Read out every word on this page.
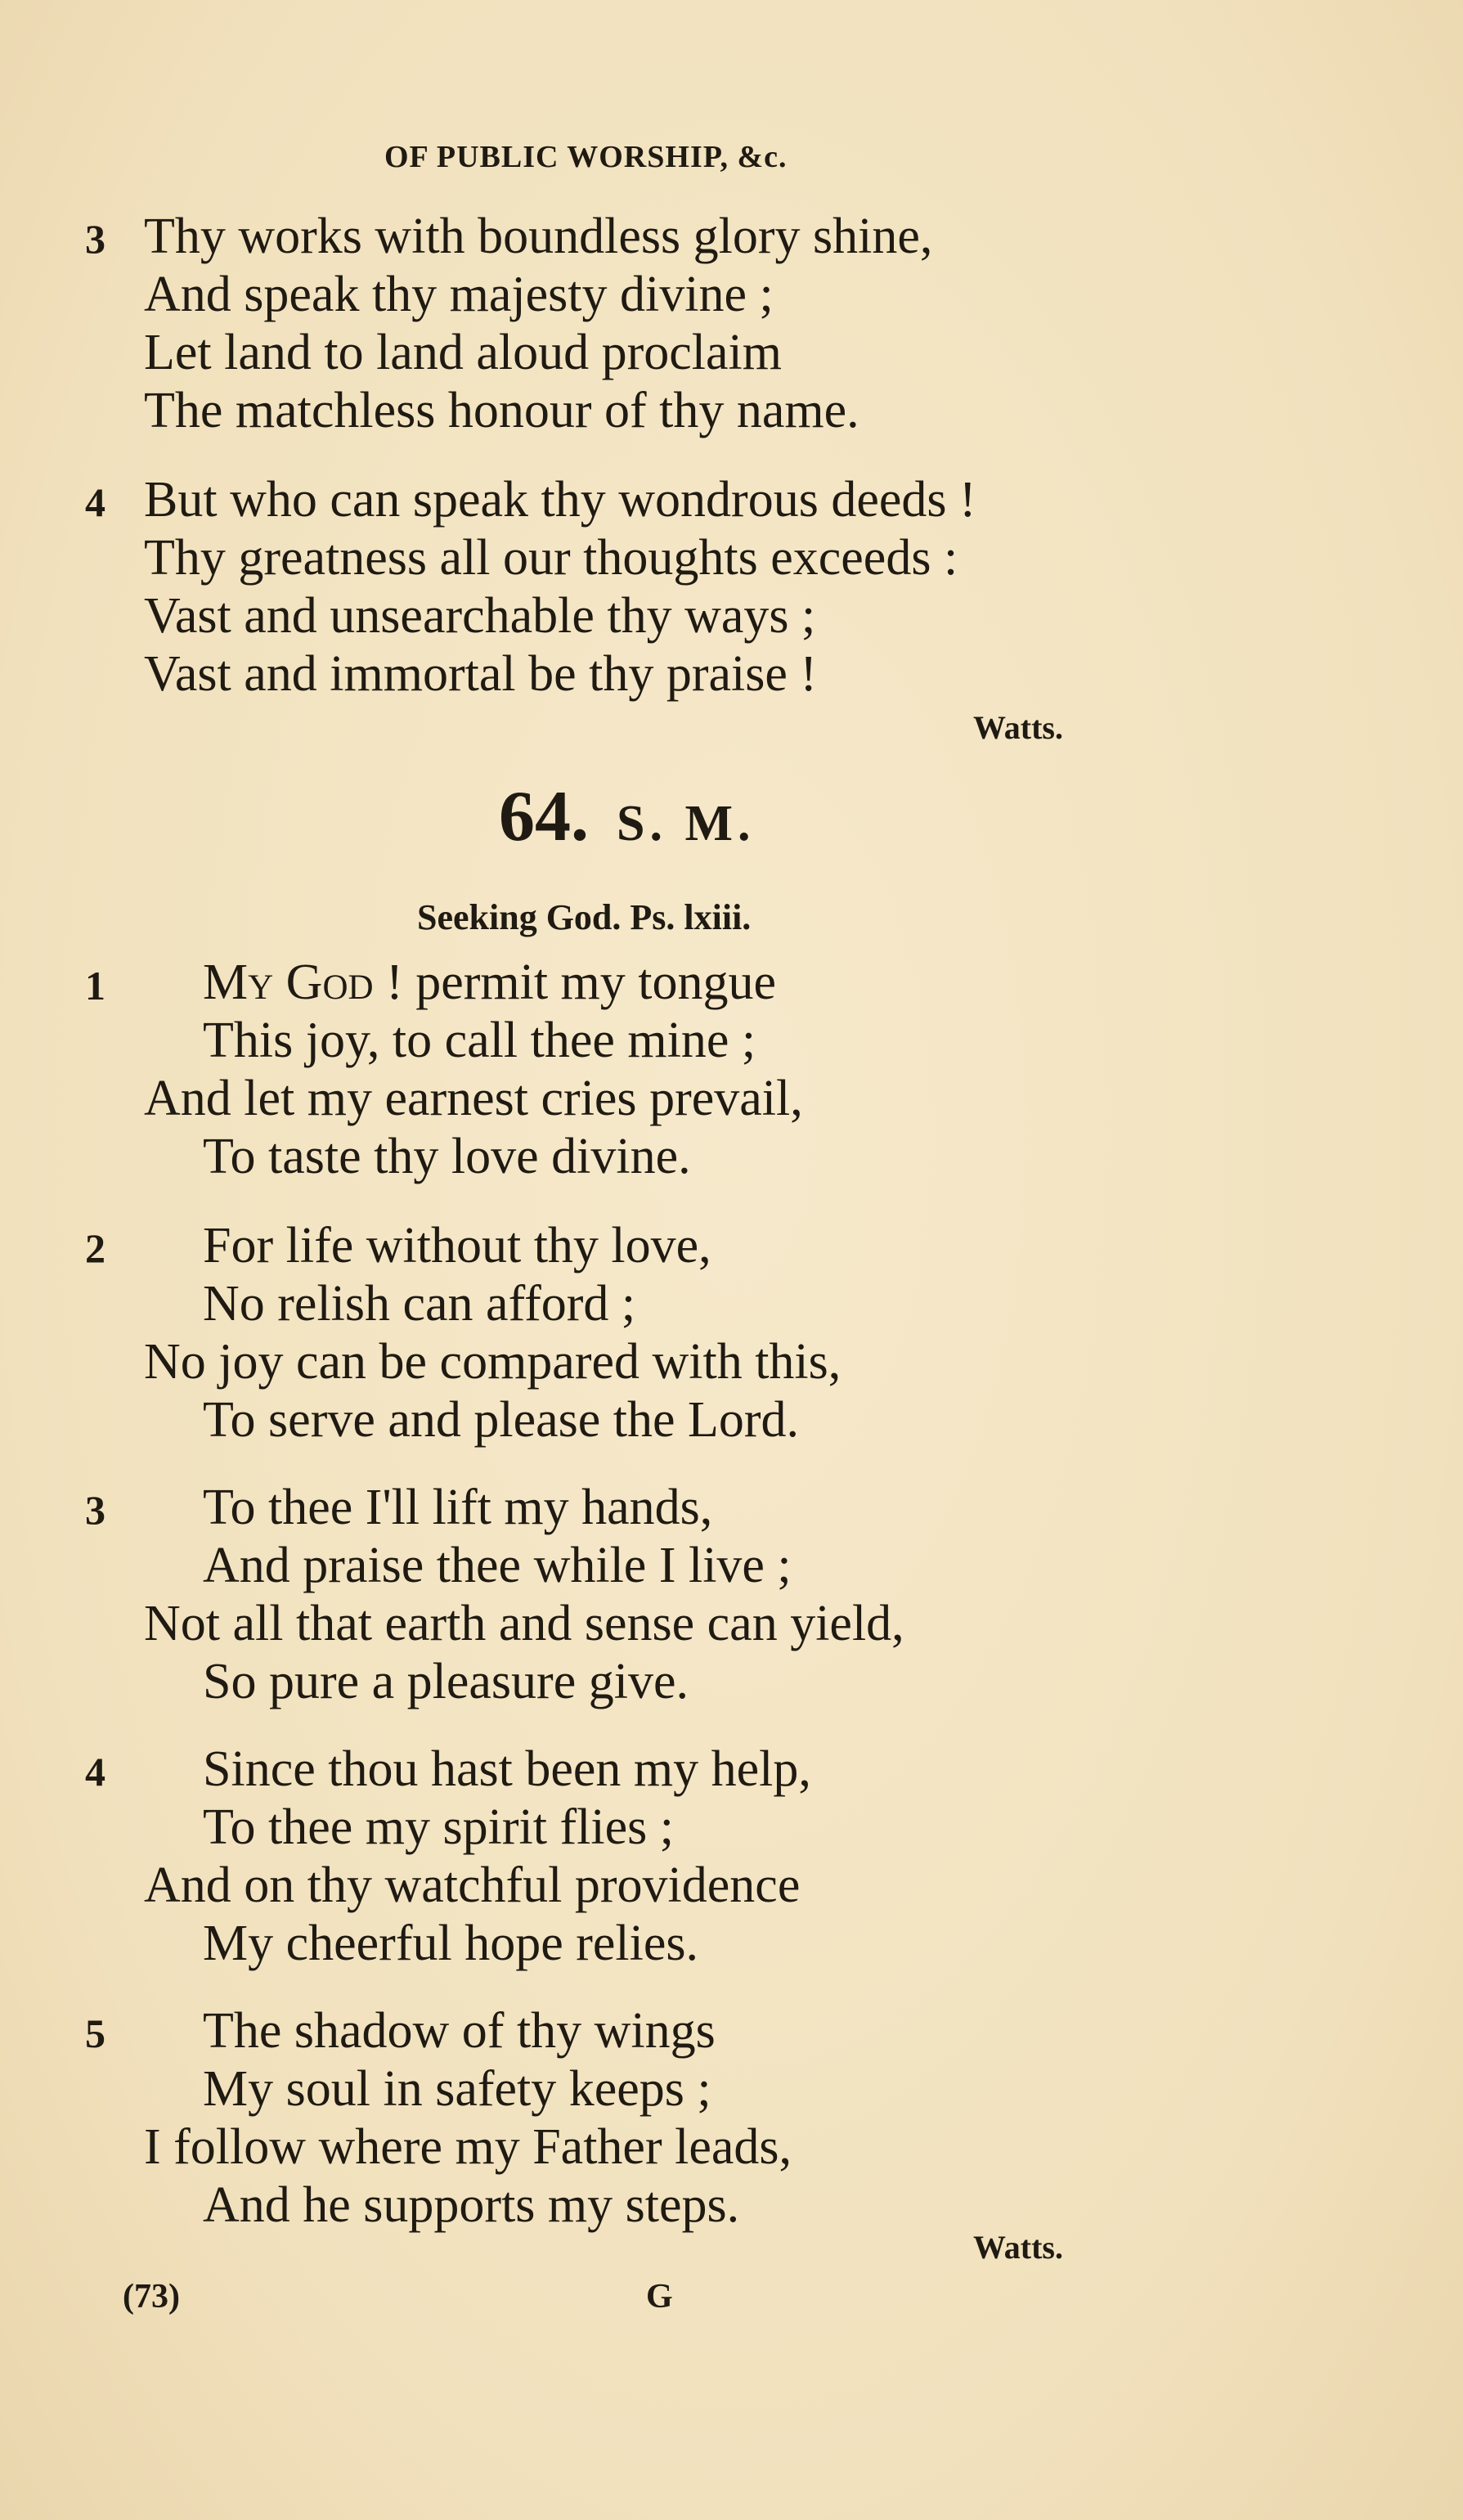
OF PUBLIC WORSHIP, &c.
3 Thy works with boundless glory shine,
And speak thy majesty divine ;
Let land to land aloud proclaim
The matchless honour of thy name.
4 But who can speak thy wondrous deeds !
Thy greatness all our thoughts exceeds :
Vast and unsearchable thy ways ;
Vast and immortal be thy praise !
Watts.
64. S. M.
Seeking God. Ps. lxiii.
1 My God ! permit my tongue
This joy, to call thee mine ;
And let my earnest cries prevail,
To taste thy love divine.
2 For life without thy love,
No relish can afford ;
No joy can be compared with this,
To serve and please the Lord.
3 To thee I'll lift my hands,
And praise thee while I live ;
Not all that earth and sense can yield,
So pure a pleasure give.
4 Since thou hast been my help,
To thee my spirit flies ;
And on thy watchful providence
My cheerful hope relies.
5 The shadow of thy wings
My soul in safety keeps ;
I follow where my Father leads,
And he supports my steps.
Watts.
(73)	G
